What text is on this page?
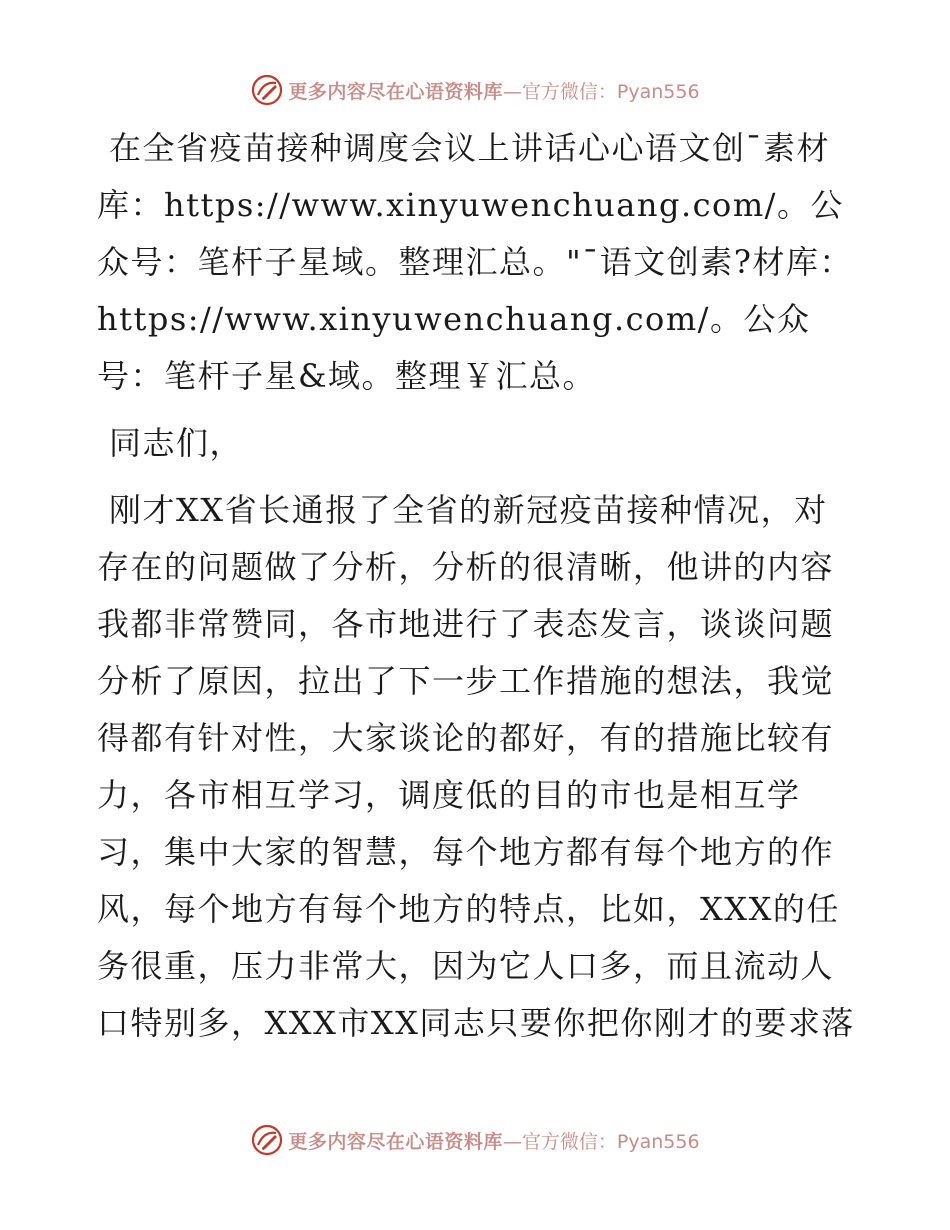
更多内容尽在心语资料库 —官方微信：Pyan556

在全省疫苗接种调度会议上讲话心心语文创¯素材库：https://www.xinyuwenchuang.com/。公众号：笔杆子星域。整理汇总。"¯语文创素?材库：https://www.xinyuwenchuang.com/。公众号：笔杆子星&域。整理￥汇总。

同志们，

刚才XX省长通报了全省的新冠疫苗接种情况，对存在的问题做了分析，分析的很清晰，他讲的内容我都非常赞同，各市地进行了表态发言，谈谈问题分析了原因，拉出了下一步工作措施的想法，我觉得都有针对性，大家谈论的都好，有的措施比较有力，各市相互学习，调度低的目的市也是相互学习，集中大家的智慧，每个地方都有每个地方的作风，每个地方有每个地方的特点，比如，XXX的任务很重，压力非常大，因为它人口多，而且流动人口特别多，XXX市XX同志只要你把你刚才的要求落

更多内容尽在心语资料库 —官方微信：Pyan556
